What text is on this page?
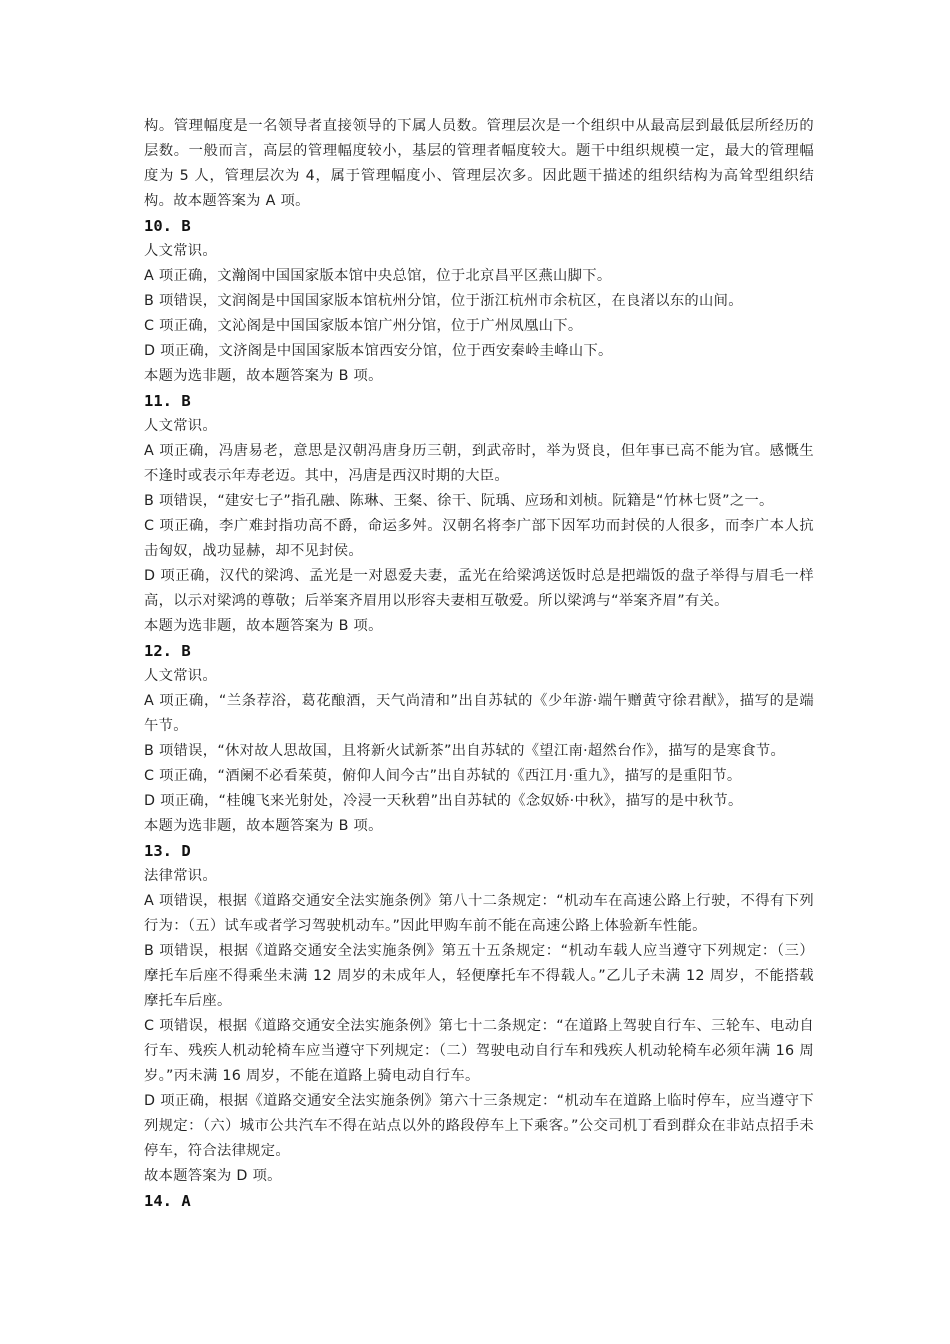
构。管理幅度是一名领导者直接领导的下属人员数。管理层次是一个组织中从最高层到最低层所经历的层数。一般而言，高层的管理幅度较小，基层的管理者幅度较大。题干中组织规模一定，最大的管理幅度为 5 人，管理层次为 4，属于管理幅度小、管理层次多。因此题干描述的组织结构为高耸型组织结构。故本题答案为 A 项。

10. B

人文常识。

A 项正确，文瀚阁中国国家版本馆中央总馆，位于北京昌平区燕山脚下。

B 项错误，文润阁是中国国家版本馆杭州分馆，位于浙江杭州市余杭区，在良渚以东的山间。

C 项正确，文沁阁是中国国家版本馆广州分馆，位于广州凤凰山下。

D 项正确，文济阁是中国国家版本馆西安分馆，位于西安秦岭圭峰山下。

本题为选非题，故本题答案为 B 项。

11. B

人文常识。

A 项正确，冯唐易老，意思是汉朝冯唐身历三朝，到武帝时，举为贤良，但年事已高不能为官。感慨生不逢时或表示年寿老迈。其中，冯唐是西汉时期的大臣。

B 项错误，“建安七子”指孔融、陈琳、王粲、徐干、阮瑀、应玚和刘桢。阮籍是“竹林七贤”之一。

C 项正确，李广难封指功高不爵，命运多舛。汉朝名将李广部下因军功而封侯的人很多，而李广本人抗击匈奴，战功显赫，却不见封侯。

D 项正确，汉代的梁鸿、孟光是一对恩爱夫妻，孟光在给梁鸿送饭时总是把端饭的盘子举得与眉毛一样高，以示对梁鸿的尊敬；后举案齐眉用以形容夫妻相互敬爱。所以梁鸿与“举案齐眉”有关。

本题为选非题，故本题答案为 B 项。

12. B

人文常识。

A 项正确，“兰条荐浴，葛花酿酒，天气尚清和”出自苏轼的《少年游·端午赠黄守徐君猷》，描写的是端午节。

B 项错误，“休对故人思故国，且将新火试新茶”出自苏轼的《望江南·超然台作》，描写的是寒食节。

C 项正确，“酒阑不必看茱萸，俯仰人间今古”出自苏轼的《西江月·重九》，描写的是重阳节。

D 项正确，“桂魄飞来光射处，冷浸一天秋碧”出自苏轼的《念奴娇·中秋》，描写的是中秋节。

本题为选非题，故本题答案为 B 项。

13. D

法律常识。

A 项错误，根据《道路交通安全法实施条例》第八十二条规定：“机动车在高速公路上行驶，不得有下列行为：（五）试车或者学习驾驶机动车。”因此甲购车前不能在高速公路上体验新车性能。

B 项错误，根据《道路交通安全法实施条例》第五十五条规定：“机动车载人应当遵守下列规定：（三）摩托车后座不得乘坐未满 12 周岁的未成年人，轻便摩托车不得载人。”乙儿子未满 12 周岁，不能搭载摩托车后座。

C 项错误，根据《道路交通安全法实施条例》第七十二条规定：“在道路上驾驶自行车、三轮车、电动自行车、残疾人机动轮椅车应当遵守下列规定：（二）驾驶电动自行车和残疾人机动轮椅车必须年满 16 周岁。”丙未满 16 周岁，不能在道路上骑电动自行车。

D 项正确，根据《道路交通安全法实施条例》第六十三条规定：“机动车在道路上临时停车，应当遵守下列规定：（六）城市公共汽车不得在站点以外的路段停车上下乘客。”公交司机丁看到群众在非站点招手未停车，符合法律规定。

故本题答案为 D 项。

14. A
